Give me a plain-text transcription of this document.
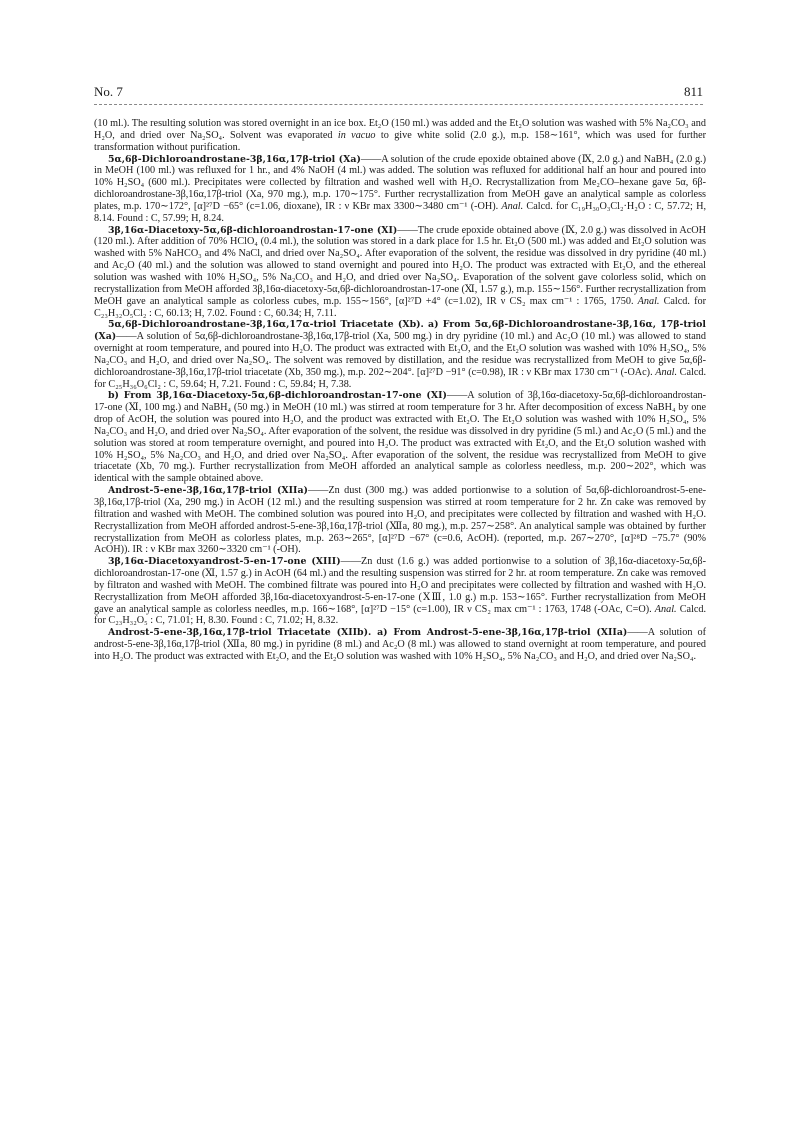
No. 7	811

(10 ml.). The resulting solution was stored overnight in an ice box. Et₂O (150 ml.) was added and the Et₂O solution was washed with 5% Na₂CO₃ and H₂O, and dried over Na₂SO₄. Solvent was evaporated in vacuo to give white solid (2.0 g.), m.p. 158∼161°, which was used for further transformation without purification.

5α,6β-Dichloroandrostane-3β,16α,17β-triol (Xa)——A solution of the crude epoxide obtained above (Ⅸ, 2.0 g.) and NaBH₄ (2.0 g.) in MeOH (100 ml.) was refluxed for 1 hr., and 4% NaOH (4 ml.) was added. The solution was refluxed for additional half an hour and poured into 10% H₂SO₄ (600 ml.). Precipitates were collected by filtration and washed well with H₂O. Recrystallization from Me₂CO–hexane gave 5α, 6β-dichloroandrostane-3β,16α,17β-triol (Xa, 970 mg.), m.p. 170∼175°. Further recrystallization from MeOH gave an analytical sample as colorless plates, m.p. 170∼172°, [α]²⁷D −65° (c=1.06, dioxane), IR : ν KBr max 3300∼3480 cm⁻¹ (-OH). Anal. Calcd. for C₁₉H₃₀O₃Cl₂·H₂O : C, 57.72; H, 8.14. Found : C, 57.99; H, 8.24.

3β,16α-Diacetoxy-5α,6β-dichloroandrostan-17-one (XI)——The crude epoxide obtained above (Ⅸ, 2.0 g.) was dissolved in AcOH (120 ml.). After addition of 70% HClO₄ (0.4 ml.), the solution was stored in a dark place for 1.5 hr. Et₂O (500 ml.) was added and Et₂O solution was washed with 5% NaHCO₃ and 4% NaCl, and dried over Na₂SO₄. After evaporation of the solvent, the residue was dissolved in dry pyridine (40 ml.) and Ac₂O (40 ml.) and the solution was allowed to stand overnight and poured into H₂O. The product was extracted with Et₂O, and the ethereal solution was washed with 10% H₂SO₄, 5% Na₂CO₃ and H₂O, and dried over Na₂SO₄. Evaporation of the solvent gave colorless solid, which on recrystallization from MeOH afforded 3β,16α-diacetoxy-5α,6β-dichloroandrostan-17-one (Ⅺ, 1.57 g.), m.p. 155∼156°. Further recrystallization from MeOH gave an analytical sample as colorless cubes, m.p. 155∼156°, [α]²⁷D +4° (c=1.02), IR ν CS₂ max cm⁻¹ : 1765, 1750. Anal. Calcd. for C₂₃H₃₂O₅Cl₂ : C, 60.13; H, 7.02. Found : C, 60.34; H, 7.11.

5α,6β-Dichloroandrostane-3β,16α,17α-triol Triacetate (Xb). a) From 5α,6β-Dichloroandrostane-3β,16α, 17β-triol (Xa)——A solution of 5α,6β-dichloroandrostane-3β,16α,17β-triol (Xa, 500 mg.) in dry pyridine (10 ml.) and Ac₂O (10 ml.) was allowed to stand overnight at room temperature, and poured into H₂O. The product was extracted with Et₂O, and the Et₂O solution was washed with 10% H₂SO₄, 5% Na₂CO₃ and H₂O, and dried over Na₂SO₄. The solvent was removed by distillation, and the residue was recrystallized from MeOH to give 5α,6β-dichloroandrostane-3β,16α,17β-triol triacetate (Xb, 350 mg.), m.p. 202∼204°. [α]²⁷D −91° (c=0.98), IR : ν KBr max 1730 cm⁻¹ (-OAc). Anal. Calcd. for C₂₅H₃₆O₆Cl₂ : C, 59.64; H, 7.21. Found : C, 59.84; H, 7.38.

b) From 3β,16α-Diacetoxy-5α,6β-dichloroandrostan-17-one (XI)——A solution of 3β,16α-diacetoxy-5α,6β-dichloroandrostan-17-one (Ⅺ, 100 mg.) and NaBH₄ (50 mg.) in MeOH (10 ml.) was stirred at room temperature for 3 hr. After decomposition of excess NaBH₄ by one drop of AcOH, the solution was poured into H₂O, and the product was extracted with Et₂O. The Et₂O solution was washed with 10% H₂SO₄, 5% Na₂CO₃ and H₂O, and dried over Na₂SO₄. After evaporation of the solvent, the residue was dissolved in dry pyridine (5 ml.) and Ac₂O (5 ml.) and the solution was stored at room temperature overnight, and poured into H₂O. The product was extracted with Et₂O, and the Et₂O solution washed with 10% H₂SO₄, 5% Na₂CO₃ and H₂O, and dried over Na₂SO₄. After evaporation of the solvent, the residue was recrystallized from MeOH to give triacetate (Xb, 70 mg.). Further recrystallization from MeOH afforded an analytical sample as colorless needless, m.p. 200∼202°, which was identical with the sample obtained above.

Androst-5-ene-3β,16α,17β-triol (XIIa)——Zn dust (300 mg.) was added portionwise to a solution of 5α,6β-dichloroandrost-5-ene-3β,16α,17β-triol (Xa, 290 mg.) in AcOH (12 ml.) and the resulting suspension was stirred at room temperature for 2 hr. Zn cake was removed by filtration and washed with MeOH. The combined solution was poured into H₂O, and precipitates were collected by filtration and washed with H₂O. Recrystallization from MeOH afforded androst-5-ene-3β,16α,17β-triol (Ⅻa, 80 mg.), m.p. 257∼258°. An analytical sample was obtained by further recrystallization from MeOH as colorless plates, m.p. 263∼265°, [α]²⁷D −67° (c=0.6, AcOH). (reported, m.p. 267∼270°, [α]²⁸D −75.7° (90% AcOH)). IR : ν KBr max 3260∼3320 cm⁻¹ (-OH).

3β,16α-Diacetoxyandrost-5-en-17-one (XIII)——Zn dust (1.6 g.) was added portionwise to a solution of 3β,16α-diacetoxy-5α,6β-dichloroandrostan-17-one (Ⅺ, 1.57 g.) in AcOH (64 ml.) and the resulting suspension was stirred for 2 hr. at room temperature. Zn cake was removed by filtraton and washed with MeOH. The combined filtrate was poured into H₂O and precipitates were collected by filtration and washed with H₂O. Recrystallization from MeOH afforded 3β,16α-diacetoxyandrost-5-en-17-one (ⅩⅢ, 1.0 g.) m.p. 153∼165°. Further recrystallization from MeOH gave an analytical sample as colorless needles, m.p. 166∼168°, [α]²⁷D −15° (c=1.00), IR ν CS₂ max cm⁻¹ : 1763, 1748 (-OAc, C=O). Anal. Calcd. for C₂₃H₃₂O₅ : C, 71.01; H, 8.30. Found : C, 71.02; H, 8.32.

Androst-5-ene-3β,16α,17β-triol Triacetate (XIIb). a) From Androst-5-ene-3β,16α,17β-triol (XIIa)——A solution of androst-5-ene-3β,16α,17β-triol (Ⅻa, 80 mg.) in pyridine (8 ml.) and Ac₂O (8 ml.) was allowed to stand overnight at room temperature, and poured into H₂O. The product was extracted with Et₂O, and the Et₂O solution was washed with 10% H₂SO₄, 5% Na₂CO₃ and H₂O, and dried over Na₂SO₄.
